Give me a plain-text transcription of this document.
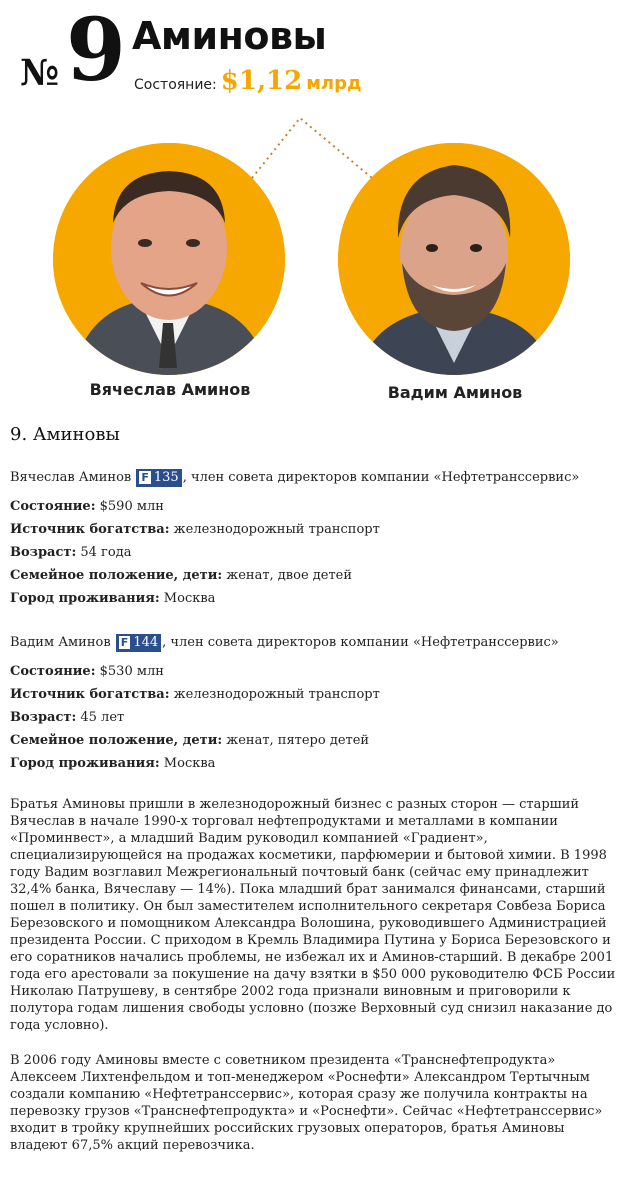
№ 9 Аминовы
Состояние: $1,12 млрд
Вячеслав Аминов	Вадим Аминов
9. Аминовы
Вячеслав Аминов F 135 , член совета директоров компании «Нефтетранссервис»
Состояние: $590 млн
Источник богатства: железнодорожный транспорт
Возраст: 54 года
Семейное положение, дети: женат, двое детей
Город проживания: Москва
Вадим Аминов F 144 , член совета директоров компании «Нефтетранссервис»
Состояние: $530 млн
Источник богатства: железнодорожный транспорт
Возраст: 45 лет
Семейное положение, дети: женат, пятеро детей
Город проживания: Москва

Братья Аминовы пришли в железнодорожный бизнес с разных сторон — старший Вячеслав в начале 1990-х торговал нефтепродуктами и металлами в компании «Проминвест», а младший Вадим руководил компанией «Градиент», специализирующейся на продажах косметики, парфюмерии и бытовой химии. В 1998 году Вадим возглавил Межрегиональный почтовый банк (сейчас ему принадлежит 32,4% банка, Вячеславу — 14%). Пока младший брат занимался финансами, старший пошел в политику. Он был заместителем исполнительного секретаря Совбеза Бориса Березовского и помощником Александра Волошина, руководившего Администрацией президента России. С приходом в Кремль Владимира Путина у Бориса Березовского и его соратников начались проблемы, не избежал их и Аминов-старший. В декабре 2001 года его арестовали за покушение на дачу взятки в $50 000 руководителю ФСБ России Николаю Патрушеву, в сентябре 2002 года признали виновным и приговорили к полутора годам лишения свободы условно (позже Верховный суд снизил наказание до года условно).

В 2006 году Аминовы вместе с советником президента «Транснефтепродукта» Алексеем Лихтенфельдом и топ-менеджером «Роснефти» Александром Тертычным создали компанию «Нефтетранссервис», которая сразу же получила контракты на перевозку грузов «Транснефтепродукта» и «Роснефти». Сейчас «Нефтетранссервис» входит в тройку крупнейших российских грузовых операторов, братья Аминовы владеют 67,5% акций перевозчика.
